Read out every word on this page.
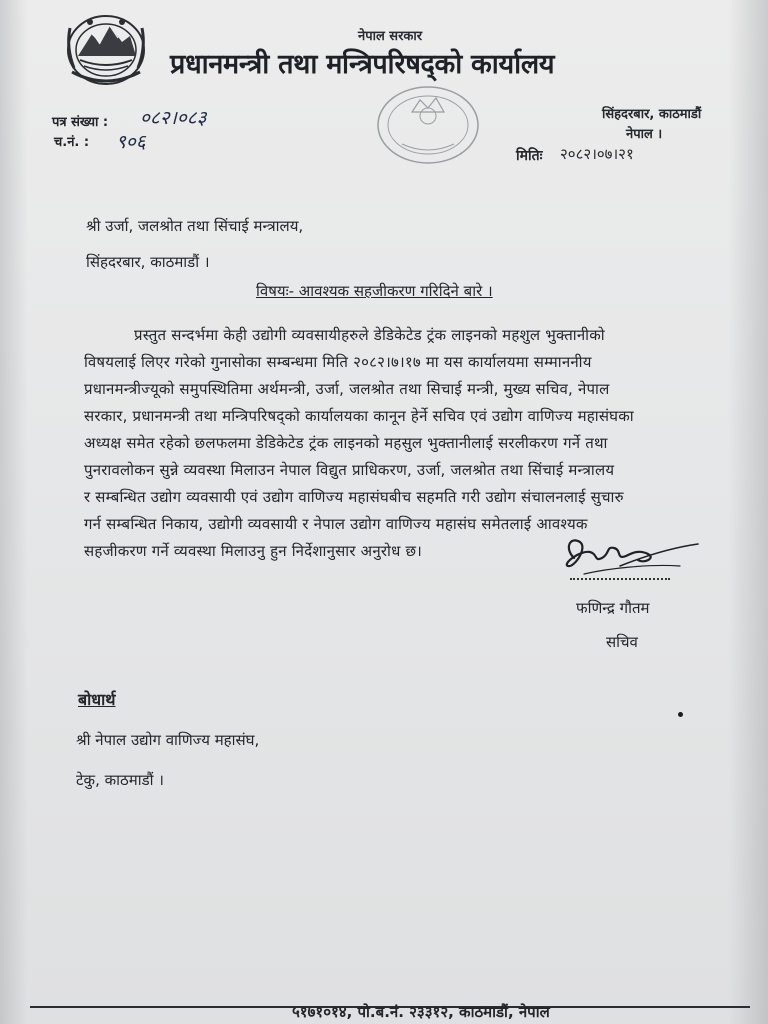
नेपाल सरकार
प्रधानमन्त्री तथा मन्त्रिपरिषद्‌को कार्यालय
पत्र संख्या : ०८२।०८३
च.नं. : ९०६
सिंहदरबार, काठमाडौं
नेपाल ।
मितिः २०८२।०७।२१
श्री उर्जा, जलश्रोत तथा सिंचाई मन्त्रालय,
सिंहदरबार, काठमाडौं ।
विषयः- आवश्यक सहजीकरण गरिदिने बारे ।
प्रस्तुत सन्दर्भमा केही उद्योगी व्यवसायीहरुले डेडिकेटेड ट्रंक लाइनको महशुल भुक्तानीको
विषयलाई लिएर गरेको गुनासोका सम्बन्धमा मिति २०८२।७।१७ मा यस कार्यालयमा सम्माननीय
प्रधानमन्त्रीज्यूको समुपस्थितिमा अर्थमन्त्री, उर्जा, जलश्रोत तथा सिचाई मन्त्री, मुख्य सचिव, नेपाल
सरकार, प्रधानमन्त्री तथा मन्त्रिपरिषद्‌को कार्यालयका कानून हेर्ने सचिव एवं उद्योग वाणिज्य महासंघका
अध्यक्ष समेत रहेको छलफलमा डेडिकेटेड ट्रंक लाइनको महसुल भुक्तानीलाई सरलीकरण गर्ने तथा
पुनरावलोकन सुन्ने व्यवस्था मिलाउन नेपाल विद्युत प्राधिकरण, उर्जा, जलश्रोत तथा सिंचाई मन्त्रालय
र सम्बन्धित उद्योग व्यवसायी एवं उद्योग वाणिज्य महासंघबीच सहमति गरी उद्योग संचालनलाई सुचारु
गर्न सम्बन्धित निकाय, उद्योगी व्यवसायी र नेपाल उद्योग वाणिज्य महासंघ समेतलाई आवश्यक
सहजीकरण गर्ने व्यवस्था मिलाउनु हुन निर्देशानुसार अनुरोध छ।
फणिन्द्र गौतम
सचिव
बोधार्थ
श्री नेपाल उद्योग वाणिज्य महासंघ,
टेकु, काठमाडौं ।
५१७१०१४, पो.ब.नं. २३३१२, काठमाडौं, नेपाल
